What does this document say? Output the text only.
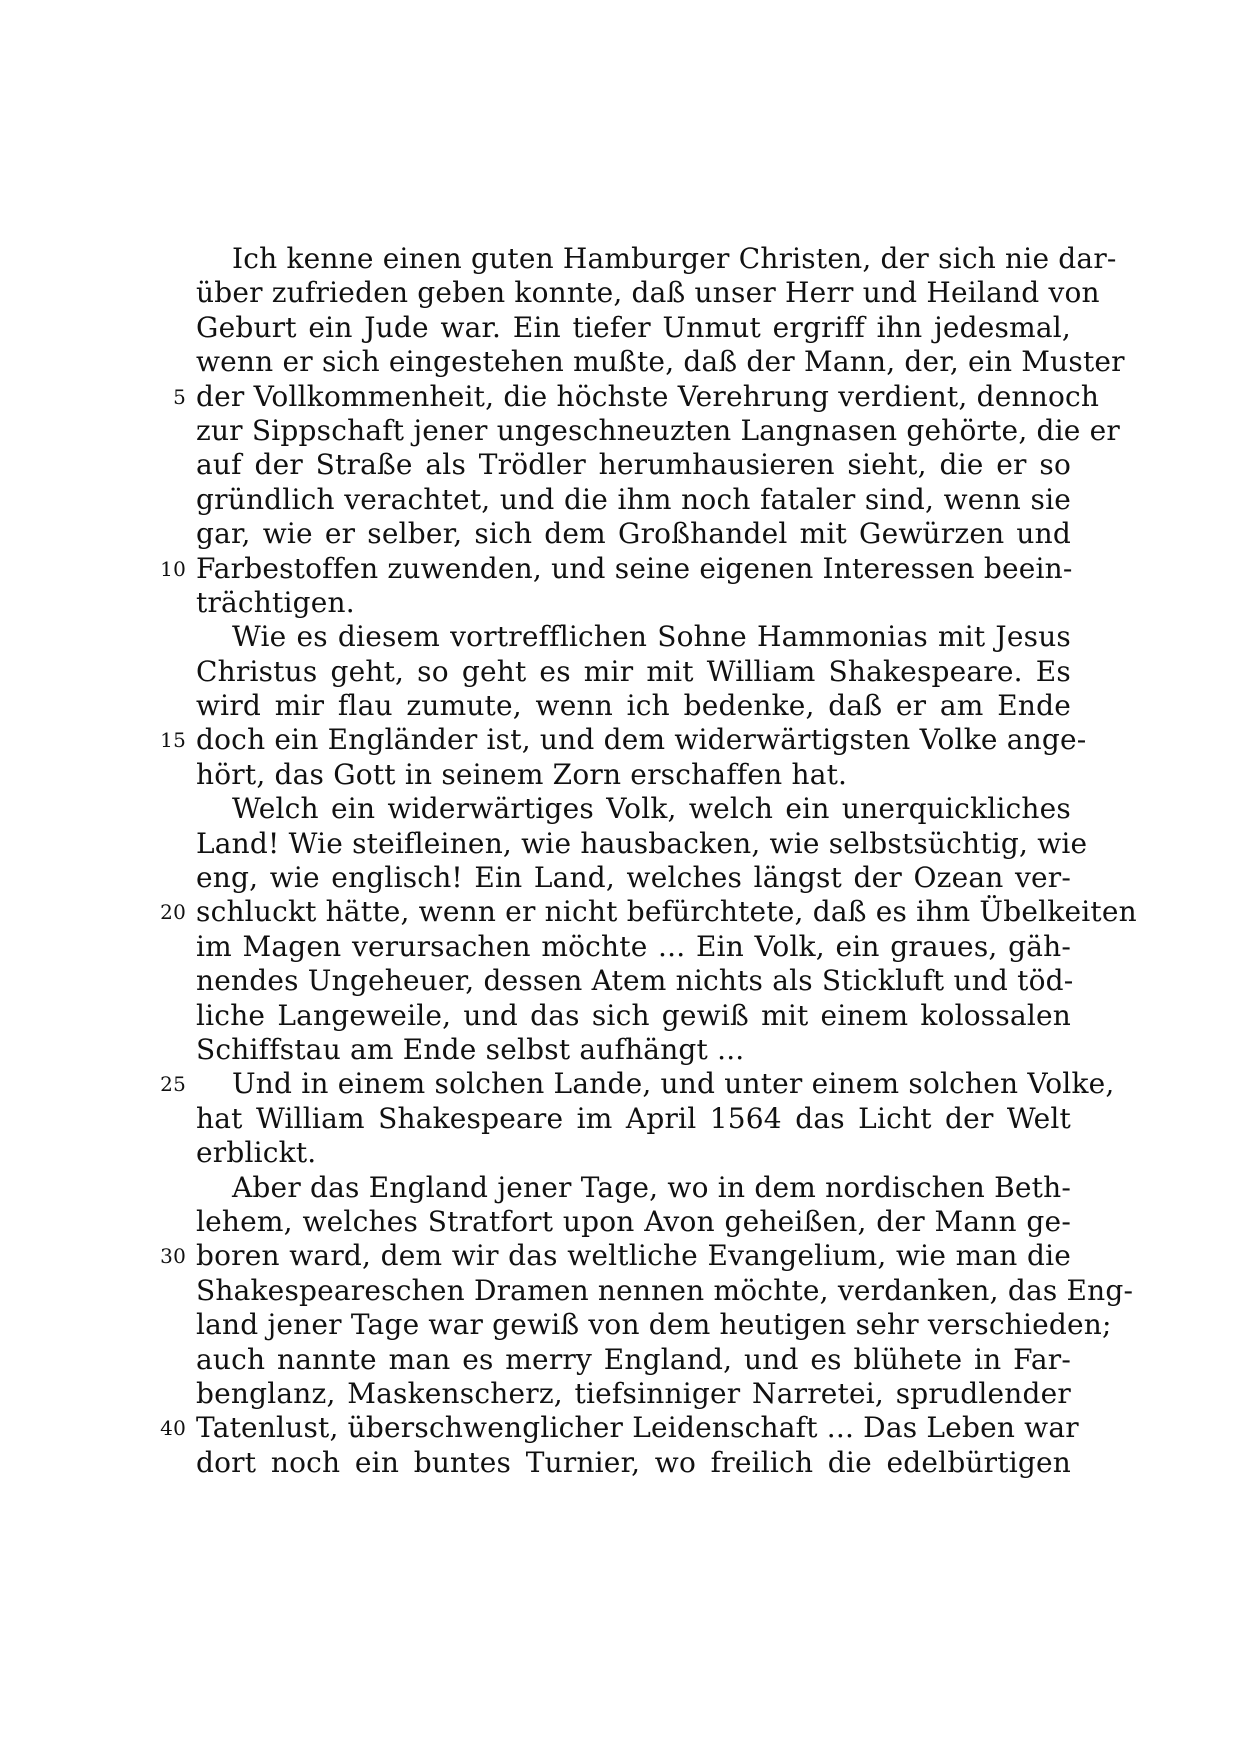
Ich kenne einen guten Hamburger Christen, der sich nie dar-
über zufrieden geben konnte, daß unser Herr und Heiland von
Geburt ein Jude war. Ein tiefer Unmut ergriff ihn jedesmal,
wenn er sich eingestehen mußte, daß der Mann, der, ein Muster
5 der Vollkommenheit, die höchste Verehrung verdient, dennoch
zur Sippschaft jener ungeschneuzten Langnasen gehörte, die er
auf der Straße als Trödler herumhausieren sieht, die er so
gründlich verachtet, und die ihm noch fataler sind, wenn sie
gar, wie er selber, sich dem Großhandel mit Gewürzen und
10 Farbestoffen zuwenden, und seine eigenen Interessen beein-
trächtigen.
Wie es diesem vortrefflichen Sohne Hammonias mit Jesus
Christus geht, so geht es mir mit William Shakespeare. Es
wird mir flau zumute, wenn ich bedenke, daß er am Ende
15 doch ein Engländer ist, und dem widerwärtigsten Volke ange-
hört, das Gott in seinem Zorn erschaffen hat.
Welch ein widerwärtiges Volk, welch ein unerquickliches
Land! Wie steifleinen, wie hausbacken, wie selbstsüchtig, wie
eng, wie englisch! Ein Land, welches längst der Ozean ver-
20 schluckt hätte, wenn er nicht befürchtete, daß es ihm Übelkeiten
im Magen verursachen möchte ... Ein Volk, ein graues, gäh-
nendes Ungeheuer, dessen Atem nichts als Stickluft und töd-
liche Langeweile, und das sich gewiß mit einem kolossalen
Schiffstau am Ende selbst aufhängt ...
25	Und in einem solchen Lande, und unter einem solchen Volke,
hat William Shakespeare im April 1564 das Licht der Welt
erblickt.
Aber das England jener Tage, wo in dem nordischen Beth-
lehem, welches Stratfort upon Avon geheißen, der Mann ge-
30 boren ward, dem wir das weltliche Evangelium, wie man die
Shakespeareschen Dramen nennen möchte, verdanken, das Eng-
land jener Tage war gewiß von dem heutigen sehr verschieden;
auch nannte man es merry England, und es blühete in Far-
benglanz, Maskenscherz, tiefsinniger Narretei, sprudlender
40 Tatenlust, überschwenglicher Leidenschaft ... Das Leben war
dort noch ein buntes Turnier, wo freilich die edelbürtigen
